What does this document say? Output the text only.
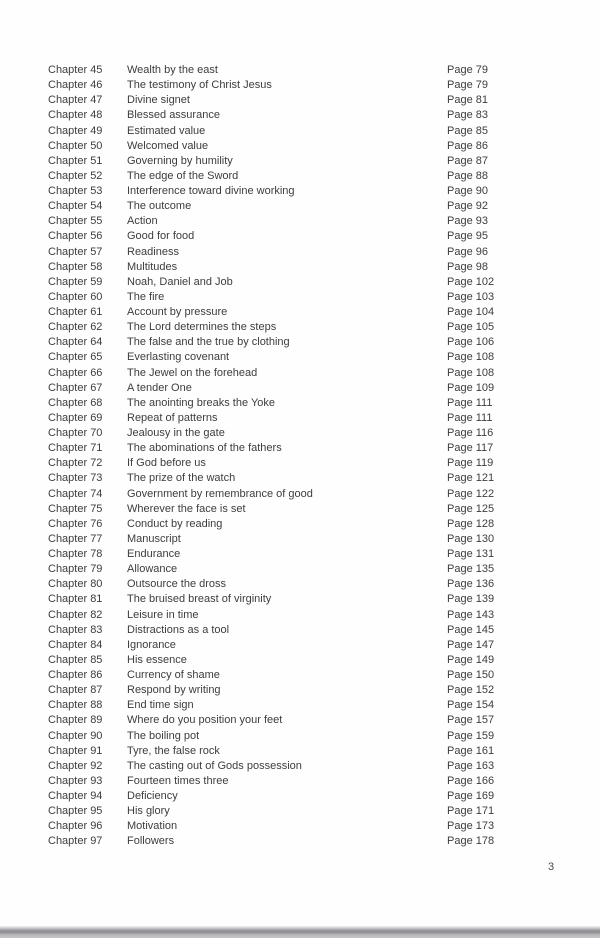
Chapter 45	Wealth by the east	Page 79
Chapter 46	The testimony of Christ Jesus	Page 79
Chapter 47	Divine signet	Page 81
Chapter 48	Blessed assurance	Page 83
Chapter 49	Estimated value	Page 85
Chapter 50	Welcomed value	Page 86
Chapter 51	Governing by humility	Page 87
Chapter 52	The edge of the Sword	Page 88
Chapter 53	Interference toward divine working	Page 90
Chapter 54	The outcome	Page 92
Chapter 55	Action	Page 93
Chapter 56	Good for food	Page 95
Chapter 57	Readiness	Page 96
Chapter 58	Multitudes	Page 98
Chapter 59	Noah, Daniel and Job	Page 102
Chapter 60	The fire	Page 103
Chapter 61	Account by pressure	Page 104
Chapter 62	The Lord determines the steps	Page 105
Chapter 64	The false and the true by clothing	Page 106
Chapter 65	Everlasting covenant	Page 108
Chapter 66	The Jewel on the forehead	Page 108
Chapter 67	A tender One	Page 109
Chapter 68	The anointing breaks the Yoke	Page 111
Chapter 69	Repeat of patterns	Page 111
Chapter 70	Jealousy in the gate	Page 116
Chapter 71	The abominations of the fathers	Page 117
Chapter 72	If God before us	Page 119
Chapter 73	The prize of the watch	Page 121
Chapter 74	Government by remembrance of good	Page 122
Chapter 75	Wherever the face is set	Page 125
Chapter 76	Conduct by reading	Page 128
Chapter 77	Manuscript	Page 130
Chapter 78	Endurance	Page 131
Chapter 79	Allowance	Page 135
Chapter 80	Outsource the dross	Page 136
Chapter 81	The bruised breast of virginity	Page 139
Chapter 82	Leisure in time	Page 143
Chapter 83	Distractions as a tool	Page 145
Chapter 84	Ignorance	Page 147
Chapter 85	His essence	Page 149
Chapter 86	Currency of shame	Page 150
Chapter 87	Respond by writing	Page 152
Chapter 88	End time sign	Page 154
Chapter 89	Where do you position your feet	Page 157
Chapter 90	The boiling pot	Page 159
Chapter 91	Tyre, the false rock	Page 161
Chapter 92	The casting out of Gods possession	Page 163
Chapter 93	Fourteen times three	Page 166
Chapter 94	Deficiency	Page 169
Chapter 95	His glory	Page 171
Chapter 96	Motivation	Page 173
Chapter 97	Followers	Page 178
3
